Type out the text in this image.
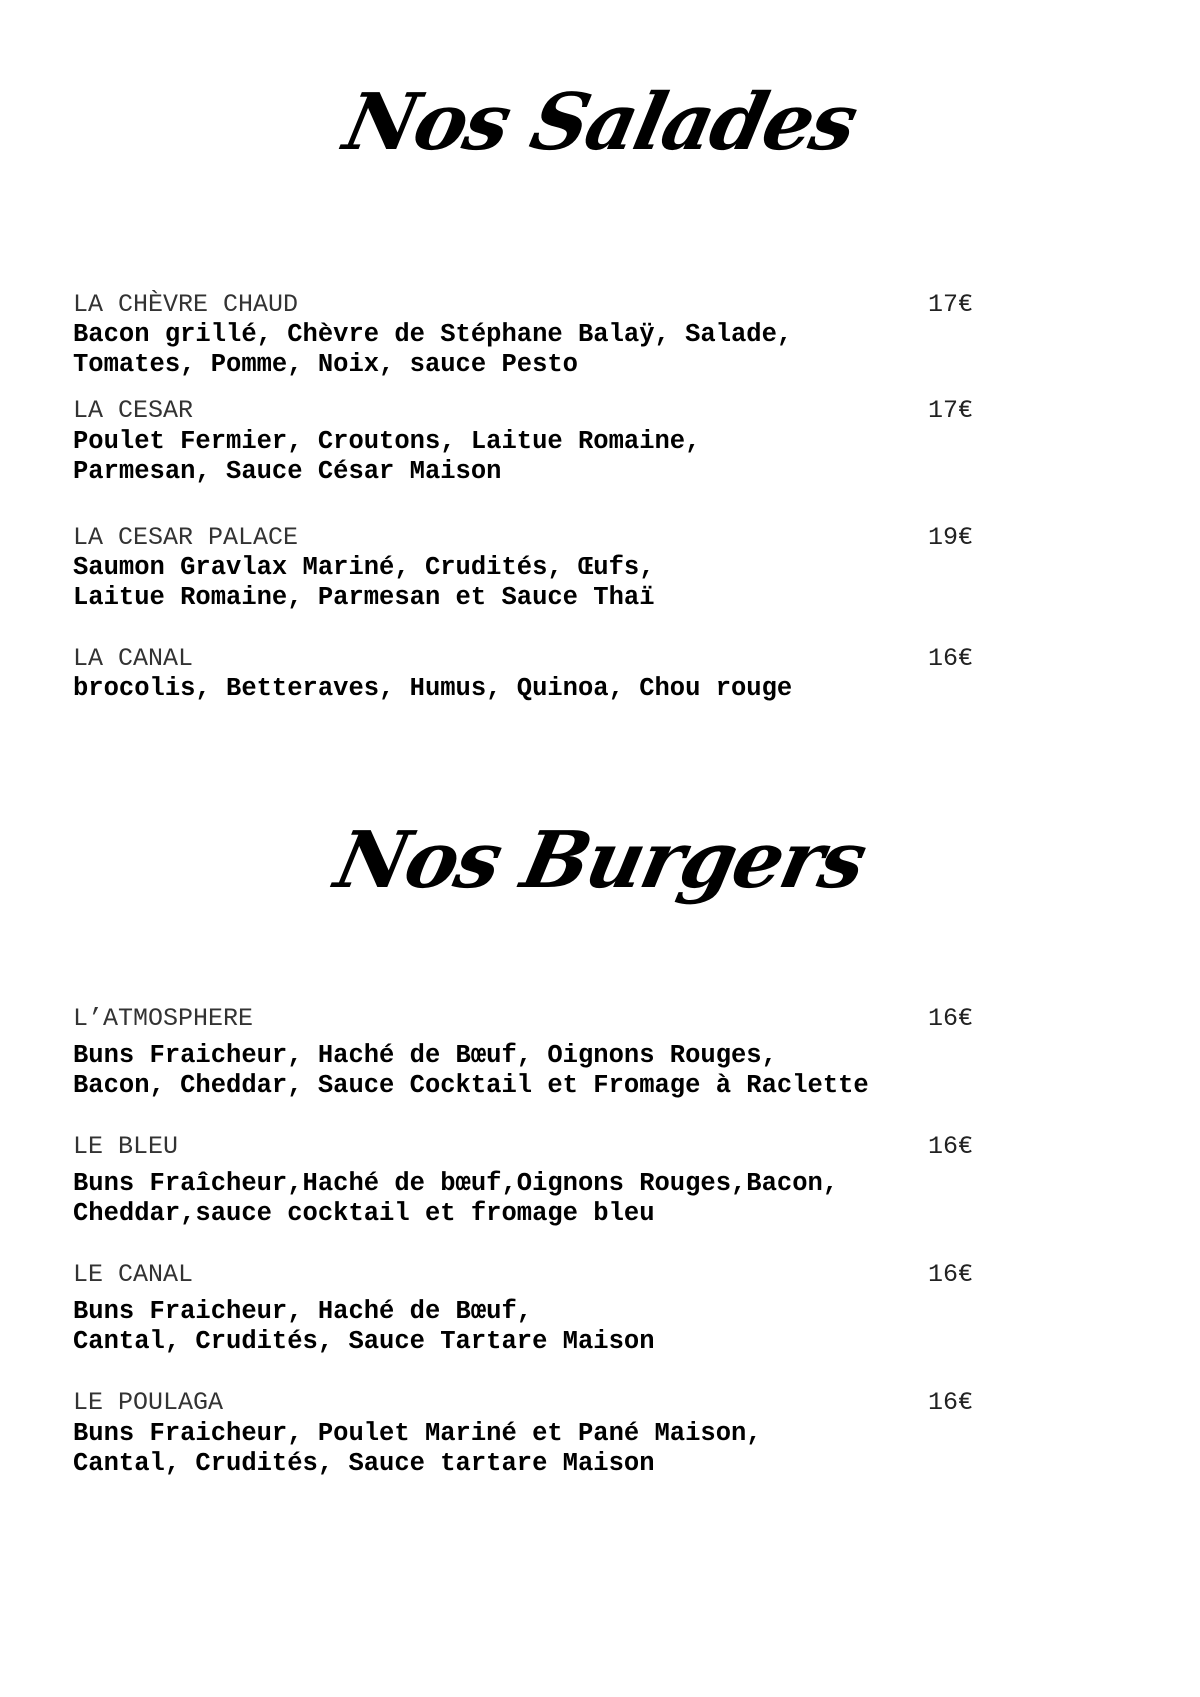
Nos Salades
LA CHÈVRE CHAUD	17€
Bacon grillé, Chèvre de Stéphane Balaÿ, Salade,
Tomates, Pomme, Noix, sauce Pesto
LA CESAR	17€
Poulet Fermier, Croutons, Laitue Romaine,
Parmesan, Sauce César Maison
LA CESAR PALACE	19€
Saumon Gravlax Mariné, Crudités, Œufs,
Laitue Romaine, Parmesan et Sauce Thaï
LA CANAL	16€
brocolis, Betteraves, Humus, Quinoa, Chou rouge
Nos Burgers
L’ATMOSPHERE	16€
Buns Fraicheur, Haché de Bœuf, Oignons Rouges,
Bacon, Cheddar, Sauce Cocktail et Fromage à Raclette
LE BLEU	16€
Buns Fraîcheur,Haché de bœuf,Oignons Rouges,Bacon,
Cheddar,sauce cocktail et fromage bleu
LE CANAL	16€
Buns Fraicheur, Haché de Bœuf,
Cantal, Crudités, Sauce Tartare Maison
LE POULAGA	16€
Buns Fraicheur, Poulet Mariné et Pané Maison,
Cantal, Crudités, Sauce tartare Maison
